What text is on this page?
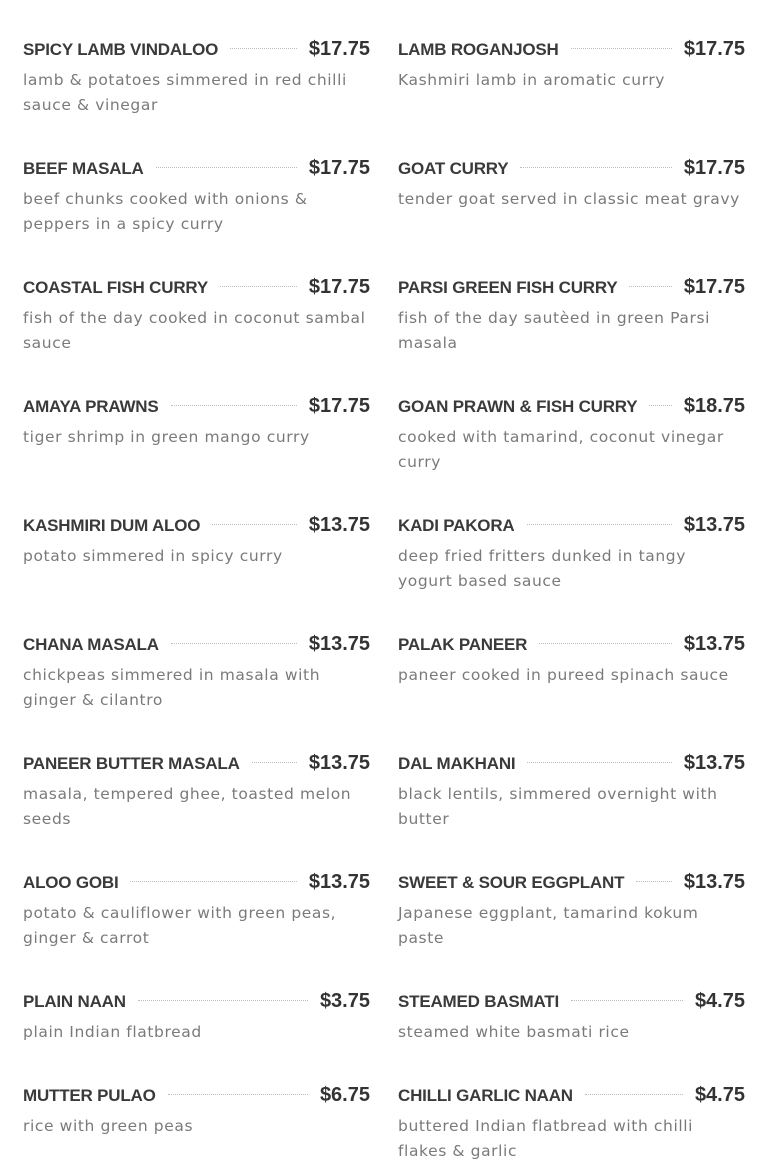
SPICY LAMB VINDALOO	$17.75
lamb & potatoes simmered in red chilli sauce & vinegar
BEEF MASALA	$17.75
beef chunks cooked with onions & peppers in a spicy curry
COASTAL FISH CURRY	$17.75
fish of the day cooked in coconut sambal sauce
AMAYA PRAWNS	$17.75
tiger shrimp in green mango curry
KASHMIRI DUM ALOO	$13.75
potato simmered in spicy curry
CHANA MASALA	$13.75
chickpeas simmered in masala with ginger & cilantro
PANEER BUTTER MASALA	$13.75
masala, tempered ghee, toasted melon seeds
ALOO GOBI	$13.75
potato & cauliflower with green peas, ginger & carrot
PLAIN NAAN	$3.75
plain Indian flatbread
MUTTER PULAO	$6.75
rice with green peas
LAMB ROGANJOSH	$17.75
Kashmiri lamb in aromatic curry
GOAT CURRY	$17.75
tender goat served in classic meat gravy
PARSI GREEN FISH CURRY	$17.75
fish of the day sautèed in green Parsi masala
GOAN PRAWN & FISH CURRY $18.75
cooked with tamarind, coconut vinegar curry
KADI PAKORA	$13.75
deep fried fritters dunked in tangy yogurt based sauce
PALAK PANEER	$13.75
paneer cooked in pureed spinach sauce
DAL MAKHANI	$13.75
black lentils, simmered overnight with butter
SWEET & SOUR EGGPLANT	$13.75
Japanese eggplant, tamarind kokum paste
STEAMED BASMATI	$4.75
steamed white basmati rice
CHILLI GARLIC NAAN	$4.75
buttered Indian flatbread with chilli flakes & garlic
